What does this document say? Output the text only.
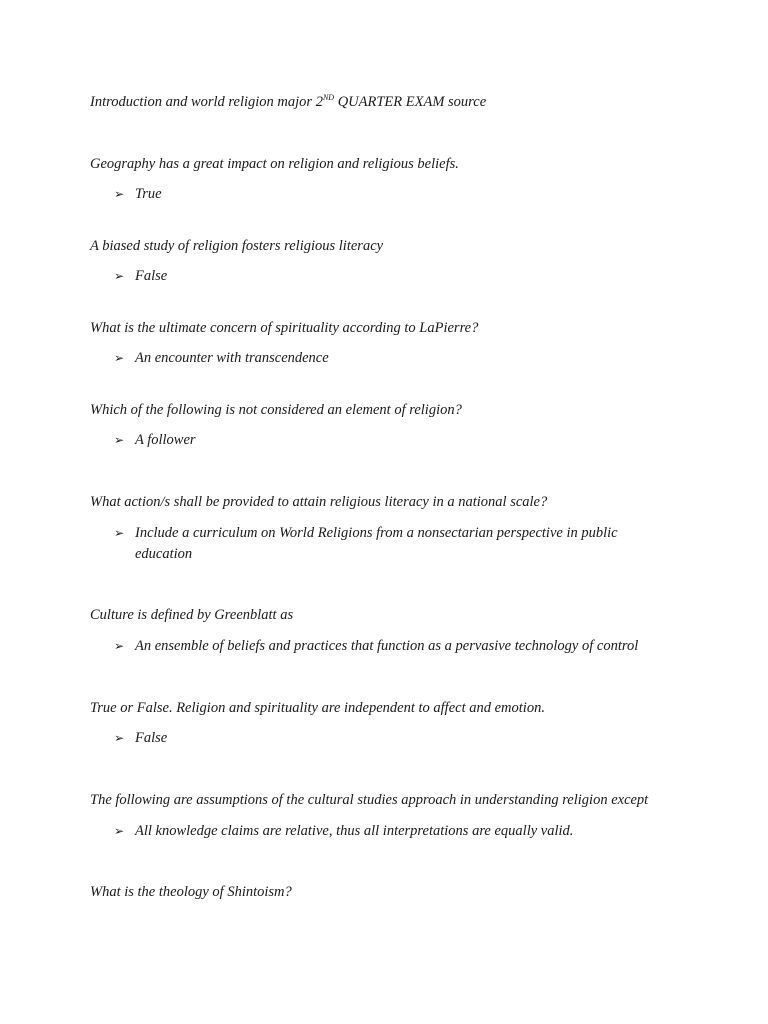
Introduction and world religion major 2ND QUARTER EXAM source
Geography has a great impact on religion and religious beliefs.
➢ True
A biased study of religion fosters religious literacy
➢ False
What is the ultimate concern of spirituality according to LaPierre?
➢ An encounter with transcendence
Which of the following is not considered an element of religion?
➢ A follower
What action/s shall be provided to attain religious literacy in a national scale?
➢ Include a curriculum on World Religions from a nonsectarian perspective in public education
Culture is defined by Greenblatt as
➢ An ensemble of beliefs and practices that function as a pervasive technology of control
True or False. Religion and spirituality are independent to affect and emotion.
➢ False
The following are assumptions of the cultural studies approach in understanding religion except
➢ All knowledge claims are relative, thus all interpretations are equally valid.
What is the theology of Shintoism?
